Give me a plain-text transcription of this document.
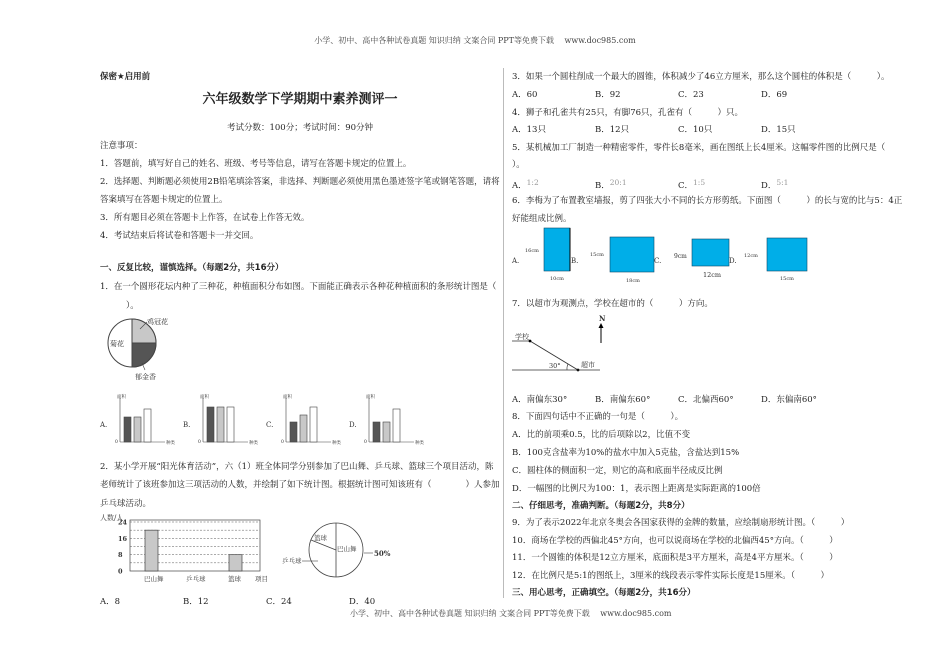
小学、初中、高中各种试卷真题 知识归纳 文案合同 PPT等免费下载　 www.doc985.com
保密★启用前
六年级数学下学期期中素养测评一
考试分数：100分；考试时间：90分钟
注意事项：
1．答题前，填写好自己的姓名、班级、考号等信息，请写在答题卡规定的位置上。
2．选择题、判断题必须使用2B铅笔填涂答案，非选择、判断题必须使用黑色墨迹签字笔或钢笔答题，请将
答案填写在答题卡规定的位置上。
3．所有题目必须在答题卡上作答，在试卷上作答无效。
4．考试结束后将试卷和答题卡一并交回。
一、反复比较，谨慎选择。（每题2分，共16分）
1．在一个圆形花坛内种了三种花，种植面积分布如图。下面能正确表示各种花种植面积的条形统计图是（
）。
鸡冠花
菊花
郁金香
A.
面积
0	种类
B.
面积
0	种类
C.
面积
0	种类
D.
面积
0	种类
2．某小学开展“阳光体育活动”，六（1）班全体同学分别参加了巴山舞、乒乓球、篮球三个项目活动，陈
老师统计了该班参加这三项活动的人数，并绘制了如下统计图。根据统计图可知该班有（　　　　）人参加
乒乓球活动。
人数/人
24
16
8
0
巴山舞	乒乓球	篮球 项目
篮球
巴山舞
乒乓球
50%
A．8	B．12	C．24	D．40
小学、初中、高中各种试卷真题 知识归纳 文案合同 PPT等免费下载　 www.doc985.com
3．如果一个圆柱削成一个最大的圆锥，体积减少了46立方厘米，那么这个圆柱的体积是（　　　）。
A．60	B．92	C．23	D．69
4．狮子和孔雀共有25只，有脚76只，孔雀有（　　　）只。
A．13只	B．12只	C．10只	D．15只
5．某机械加工厂制造一种精密零件，零件长8毫米，画在图纸上长4厘米。这幅零件图的比例尺是（
）。
A．1:2	B．20:1	C．1:5	D．5:1
6．李梅为了布置教室墙报，剪了四张大小不同的长方形剪纸。下面图（　　　）的长与宽的比与5：4正
好能组成比例。
A.
16cm
10cm
B.
15cm
18cm
C.
9cm
12cm
D.
12cm
15cm
7．以超市为观测点，学校在超市的（　　　）方向。
N
学校
30°	超市
A．南偏东30°	B．南偏东60°	C．北偏西60°	D．东偏南60°
8．下面四句话中不正确的一句是（　　　）。
A．比的前项乘0.5，比的后项除以2，比值不变
B．100克含盐率为10%的盐水中加入5克盐，含盐达到15%
C．圆柱体的侧面积一定，则它的高和底面半径成反比例
D．一幅图的比例尺为100：1，表示图上距离是实际距离的100倍
二、仔细思考，准确判断。（每题2分，共8分）
9．为了表示2022年北京冬奥会各国家获得的金牌的数量，应绘制扇形统计图。（　　　）
10．商场在学校的西偏北45°方向，也可以说商场在学校的北偏西45°方向。（　　　）
11．一个圆锥的体积是12立方厘米，底面积是3平方厘米，高是4平方厘米。（　　　）
12．在比例尺是5:1的图纸上，3厘米的线段表示零件实际长度是15厘米。（　　　）
三、用心思考，正确填空。（每题2分，共16分）
